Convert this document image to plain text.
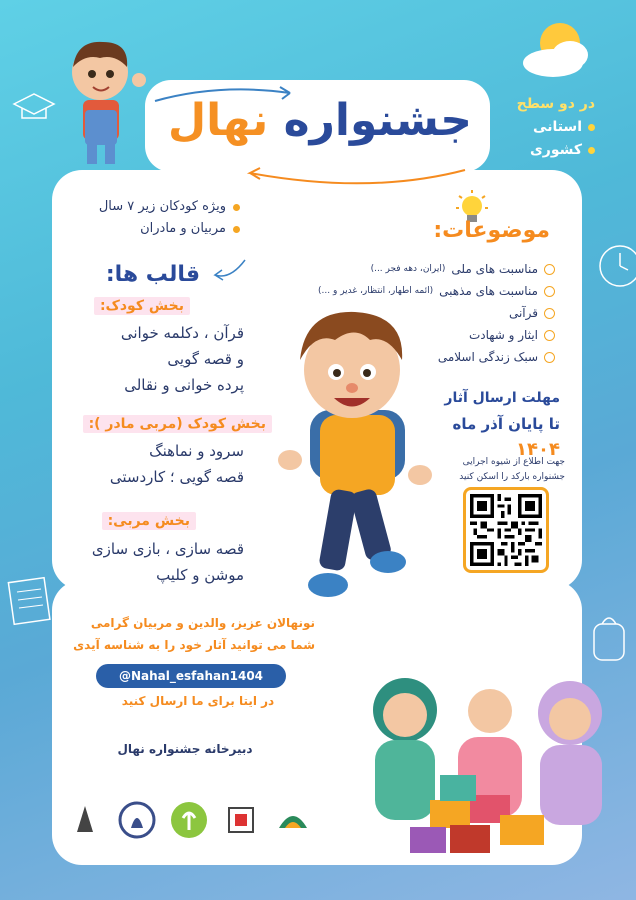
جشنواره نهال	در دو سطح
استانی
کشوری
ویژه کودکان زیر ۷ سال
مربیان و مادران	موضوعات:
مناسبت های ملی
(ایران، دهه فجر ...)
مناسبت های مذهبی
(ائمه اطهار، انتظار، غدیر و ...)
قرآنی
ایثار و شهادت
سبک زندگی اسلامی
قالب ها:
بخش کودک:
قرآن ، دکلمه خوانی
و قصه گویی
پرده خوانی و نقالی
بخش کودک (مربی مادر ):
سرود و نماهنگ
قصه گویی ؛ کاردستی
بخش مربی:
قصه سازی ، بازی سازی
موشن و کلیپ
مهلت ارسال آثار
تا پایان آذر ماه ۱۴۰۴
جهت اطلاع از شیوه اجرایی
جشنواره بارکد را اسکن کنید
نونهالان عزیز، والدین و مربیان گرامی
شما می توانید آثار خود را به شناسه آیدی
@Nahal_esfahan1404
در ایتا برای ما ارسال کنید
دبیرخانه جشنواره نهال
